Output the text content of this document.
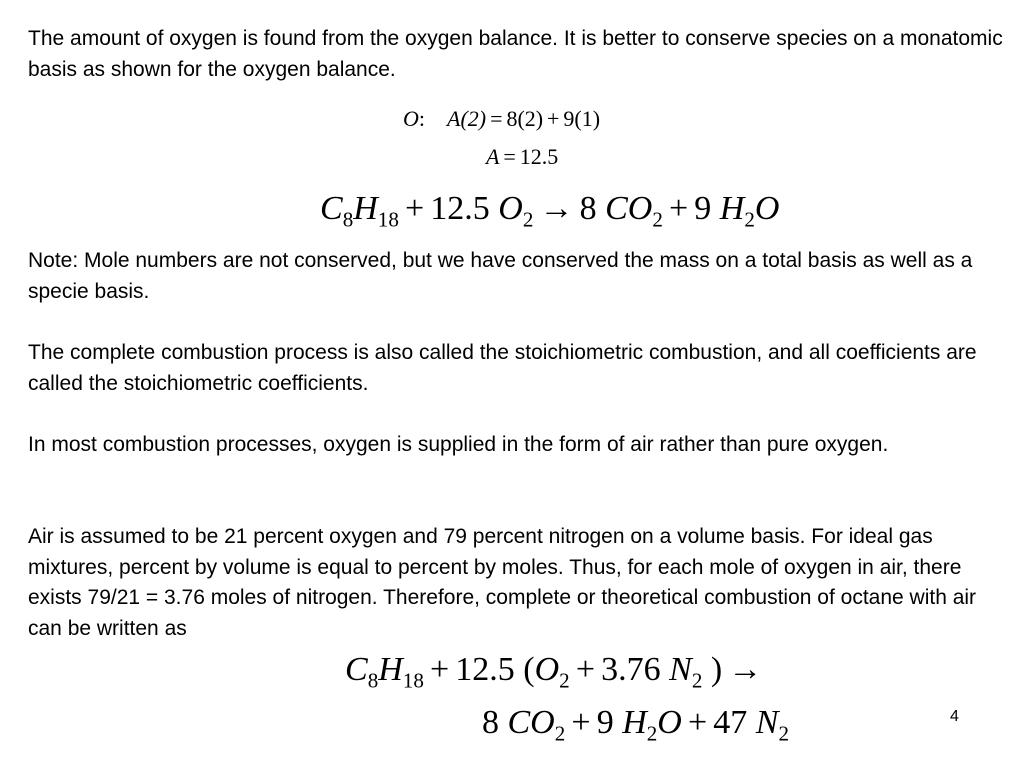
The amount of oxygen is found from the oxygen balance. It is better to conserve species on a monatomic basis as shown for the oxygen balance.

O: A(2) = 8(2) + 9(1)
A = 12.5
$C_8H_{18} + 12.5$ $O_2 \to 8$ $CO_2 + 9$ $H_2O$

Note: Mole numbers are not conserved, but we have conserved the mass on a total basis as well as a specie basis.

The complete combustion process is also called the stoichiometric combustion, and all coefficients are called the stoichiometric coefficients.

In most combustion processes, oxygen is supplied in the form of air rather than pure oxygen.

Air is assumed to be 21 percent oxygen and 79 percent nitrogen on a volume basis. For ideal gas mixtures, percent by volume is equal to percent by moles. Thus, for each mole of oxygen in air, there exists 79/21 = 3.76 moles of nitrogen. Therefore, complete or theoretical combustion of octane with air can be written as

$C_8H_{18} + 12.5$ ($O_2 + 3.76$ $N_2$ ) →
8 $CO_2 + 9$ $H_2O + 47$ $N_2$
4
